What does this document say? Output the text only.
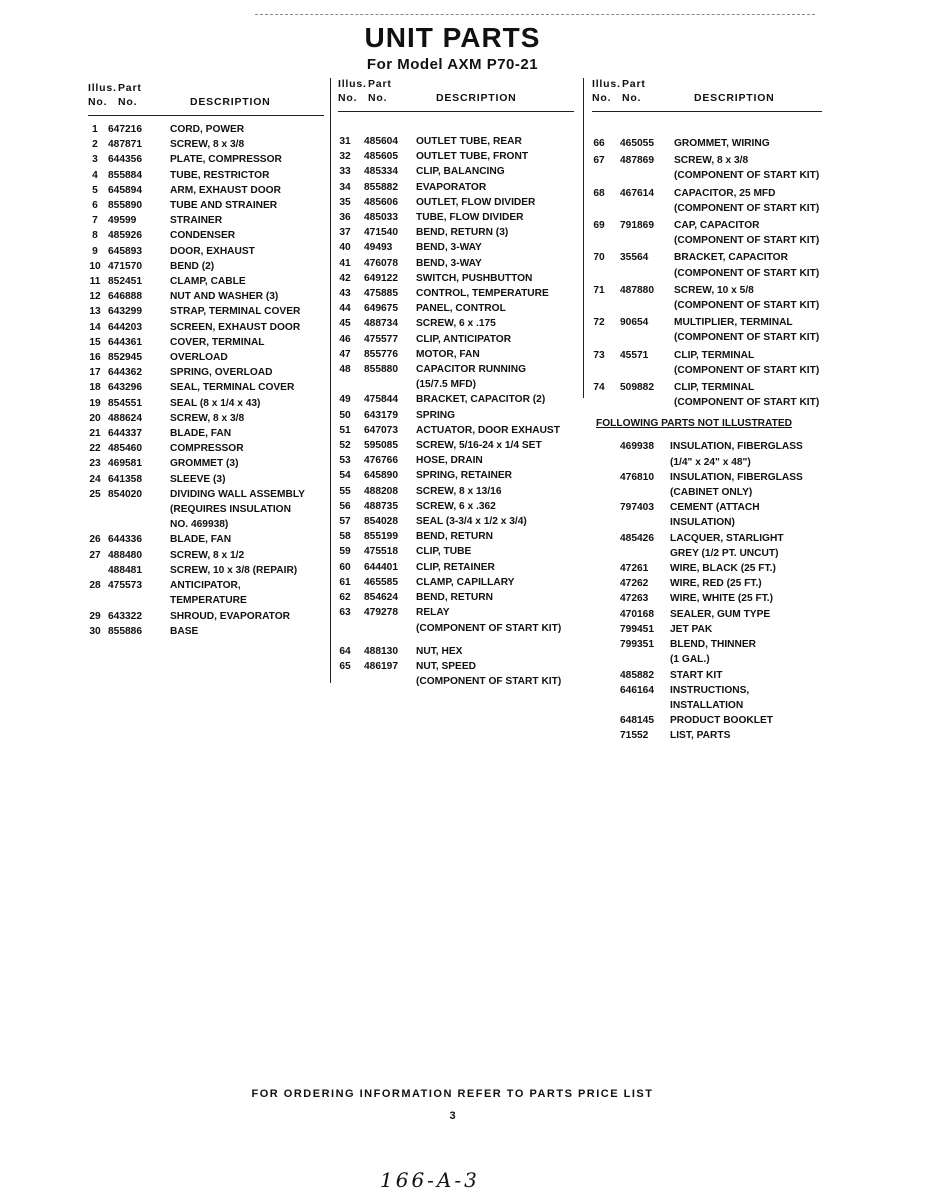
UNIT PARTS
For Model AXM P70-21
Illus. Part
No. No.	DESCRIPTION
1 647216	CORD, POWER
2 487871	SCREW, 8 x 3/8
3 644356	PLATE, COMPRESSOR
4 855884	TUBE, RESTRICTOR
5 645894	ARM, EXHAUST DOOR
6 855890	TUBE AND STRAINER
7 49599	STRAINER
8 485926	CONDENSER
9 645893	DOOR, EXHAUST
10 471570	BEND (2)
11 852451	CLAMP, CABLE
12 646888	NUT AND WASHER (3)
13 643299	STRAP, TERMINAL COVER
14 644203	SCREEN, EXHAUST DOOR
15 644361	COVER, TERMINAL
16 852945	OVERLOAD
17 644362	SPRING, OVERLOAD
18 643296	SEAL, TERMINAL COVER
19 854551	SEAL (8 x 1/4 x 43)
20 488624	SCREW, 8 x 3/8
21 644337	BLADE, FAN
22 485460	COMPRESSOR
23 469581	GROMMET (3)
24 641358	SLEEVE (3)
25 854020	DIVIDING WALL ASSEMBLY
(REQUIRES INSULATION
NO. 469938)
26 644336	BLADE, FAN
27 488480	SCREW, 8 x 1/2
488481	SCREW, 10 x 3/8 (REPAIR)
28 475573	ANTICIPATOR,
TEMPERATURE
29 643322	SHROUD, EVAPORATOR
30 855886	BASE
Illus. Part
No. No.	DESCRIPTION
31 485604 OUTLET TUBE, REAR
32 485605 OUTLET TUBE, FRONT
33 485334 CLIP, BALANCING
34 855882 EVAPORATOR
35 485606 OUTLET, FLOW DIVIDER
36 485033 TUBE, FLOW DIVIDER
37 471540 BEND, RETURN (3)
40 49493 BEND, 3-WAY
41 476078 BEND, 3-WAY
42 649122 SWITCH, PUSHBUTTON
43 475885 CONTROL, TEMPERATURE
44 649675 PANEL, CONTROL
45 488734 SCREW, 6 x .175
46 475577 CLIP, ANTICIPATOR
47 855776 MOTOR, FAN
48 855880 CAPACITOR RUNNING
(15/7.5 MFD)
49 475844 BRACKET, CAPACITOR (2)
50 643179 SPRING
51 647073 ACTUATOR, DOOR EXHAUST
52 595085 SCREW, 5/16-24 x 1/4 SET
53 476766 HOSE, DRAIN
54 645890 SPRING, RETAINER
55 488208 SCREW, 8 x 13/16
56 488735 SCREW, 6 x .362
57 854028 SEAL (3-3/4 x 1/2 x 3/4)
58 855199 BEND, RETURN
59 475518 CLIP, TUBE
60 644401 CLIP, RETAINER
61 465585 CLAMP, CAPILLARY
62 854624 BEND, RETURN
63 479278 RELAY
(COMPONENT OF START KIT)
64 488130 NUT, HEX
65 486197 NUT, SPEED
(COMPONENT OF START KIT)
Illus. Part
No. No.	DESCRIPTION
66 465055 GROMMET, WIRING
67 487869 SCREW, 8 x 3/8
(COMPONENT OF START KIT)
68 467614 CAPACITOR, 25 MFD
(COMPONENT OF START KIT)
69 791869 CAP, CAPACITOR
(COMPONENT OF START KIT)
70 35564	BRACKET, CAPACITOR
(COMPONENT OF START KIT)
71 487880 SCREW, 10 x 5/8
(COMPONENT OF START KIT)
72 90654	MULTIPLIER, TERMINAL
(COMPONENT OF START KIT)
73 45571	CLIP, TERMINAL
(COMPONENT OF START KIT)
74 509882 CLIP, TERMINAL
(COMPONENT OF START KIT)
FOLLOWING PARTS NOT ILLUSTRATED
469938 INSULATION, FIBERGLASS
(1/4" x 24" x 48")
476810 INSULATION, FIBERGLASS
(CABINET ONLY)
797403 CEMENT (ATTACH
INSULATION)
485426 LACQUER, STARLIGHT
GREY (1/2 PT. UNCUT)
47261 WIRE, BLACK (25 FT.)
47262 WIRE, RED (25 FT.)
47263 WIRE, WHITE (25 FT.)
470168 SEALER, GUM TYPE
799451 JET PAK
799351 BLEND, THINNER
(1 GAL.)
485882 START KIT
646164 INSTRUCTIONS,
INSTALLATION
648145 PRODUCT BOOKLET
71552 LIST, PARTS
FOR ORDERING INFORMATION REFER TO PARTS PRICE LIST
3
166-A-3
